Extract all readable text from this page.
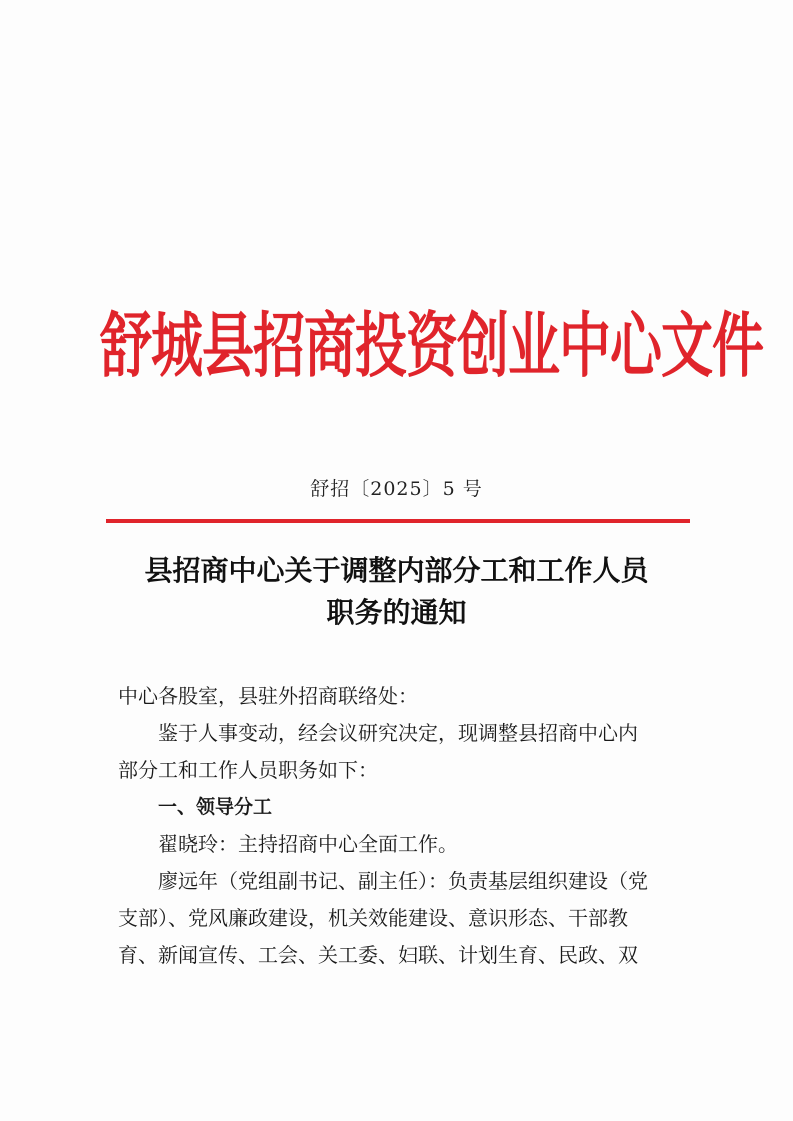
舒城县招商投资创业中心文件
舒招〔2025〕5 号
县招商中心关于调整内部分工和工作人员
职务的通知

中心各股室，县驻外招商联络处：

鉴于人事变动，经会议研究决定，现调整县招商中心内

部分工和工作人员职务如下：

一、领导分工

翟晓玲：主持招商中心全面工作。

廖远年（党组副书记、副主任）：负责基层组织建设（党

支部）、党风廉政建设，机关效能建设、意识形态、干部教

育、新闻宣传、工会、关工委、妇联、计划生育、民政、双
